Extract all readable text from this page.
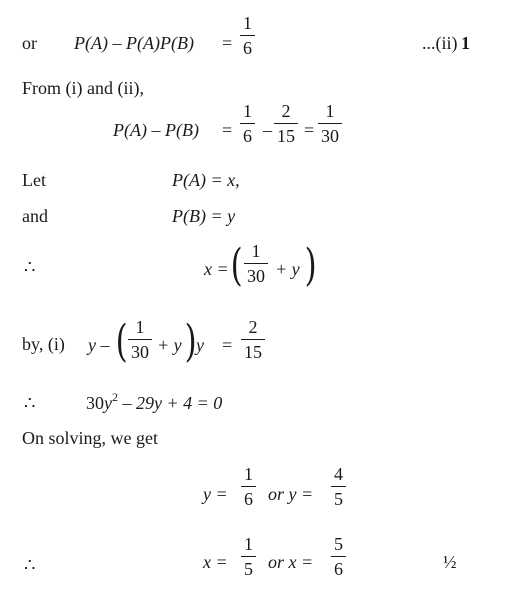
or P(A) – P(A)P(B) =
1
6	...(ii) 1
From (i) and (ii),
P(A) – P(B) =
1
6 –
2
15 =
1
30
Let	P(A) = x,
and	P(B) = y
∴	x = ( 1
30 + y )
by, (i) y – ( 1
30 + y ) y =
2
15
∴	$30y^2 - 29y + 4 = 0$
On solving, we get
y =
1
6 or y =
4
5
∴	x =
1
5 or x =
5
6	½
